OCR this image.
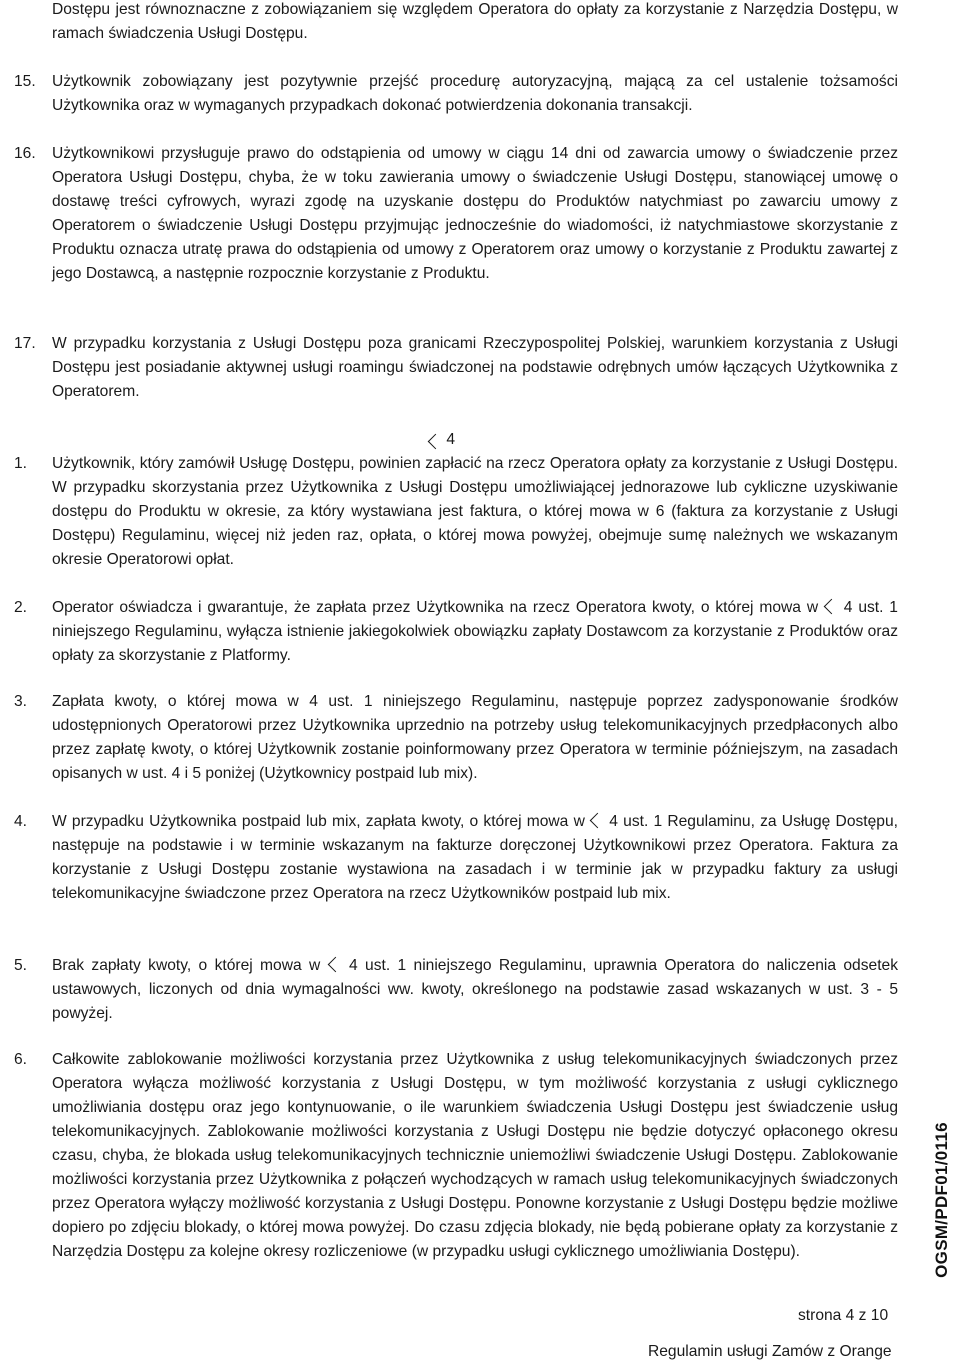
Dostępu jest równoznaczne z zobowiązaniem się względem Operatora do opłaty za korzystanie z Narzędzia Dostępu, w ramach świadczenia Usługi Dostępu.
15.	Użytkownik zobowiązany jest pozytywnie przejść procedurę autoryzacyjną, mającą za cel ustalenie tożsamości Użytkownika oraz w wymaganych przypadkach dokonać potwierdzenia dokonania transakcji.
16.	Użytkownikowi przysługuje prawo do odstąpienia od umowy w ciągu 14 dni od zawarcia umowy o świadczenie przez Operatora Usługi Dostępu, chyba, że w toku zawierania umowy o świadczenie Usługi Dostępu, stanowiącej umowę o dostawę treści cyfrowych, wyrazi zgodę na uzyskanie dostępu do Produktów natychmiast po zawarciu umowy z Operatorem o świadczenie Usługi Dostępu przyjmując jednocześnie do wiadomości, iż natychmiastowe skorzystanie z Produktu oznacza utratę prawa do odstąpienia od umowy z Operatorem oraz umowy o korzystanie z Produktu zawartej z jego Dostawcą, a następnie rozpocznie korzystanie z Produktu.
17.	W przypadku korzystania z Usługi Dostępu poza granicami Rzeczypospolitej Polskiej, warunkiem korzystania z Usługi Dostępu jest posiadanie aktywnej usługi roamingu świadczonej na podstawie odrębnych umów łączących Użytkownika z Operatorem.
4
1.	Użytkownik, który zamówił Usługę Dostępu, powinien zapłacić na rzecz Operatora opłaty za korzystanie z Usługi Dostępu. W przypadku skorzystania przez Użytkownika z Usługi Dostępu umożliwiającej jednorazowe lub cykliczne uzyskiwanie dostępu do Produktu w okresie, za który wystawiana jest faktura, o której mowa w 6 (faktura za korzystanie z Usługi Dostępu) Regulaminu, więcej niż jeden raz, opłata, o której mowa powyżej, obejmuje sumę należnych we wskazanym okresie Operatorowi opłat.
2.	Operator oświadcza i gwarantuje, że zapłata przez Użytkownika na rzecz Operatora kwoty, o której mowa w 4 ust. 1 niniejszego Regulaminu, wyłącza istnienie jakiegokolwiek obowiązku zapłaty Dostawcom za korzystanie z Produktów oraz opłaty za skorzystanie z Platformy.
3.	Zapłata kwoty, o której mowa w 4 ust. 1 niniejszego Regulaminu, następuje poprzez zadysponowanie środków udostępnionych Operatorowi przez Użytkownika uprzednio na potrzeby usług telekomunikacyjnych przedpłaconych albo przez zapłatę kwoty, o której Użytkownik zostanie poinformowany przez Operatora w terminie późniejszym, na zasadach opisanych w ust. 4 i 5 poniżej (Użytkownicy postpaid lub mix).
4.	W przypadku Użytkownika postpaid lub mix, zapłata kwoty, o której mowa w 4 ust. 1 Regulaminu, za Usługę Dostępu, następuje na podstawie i w terminie wskazanym na fakturze doręczonej Użytkownikowi przez Operatora. Faktura za korzystanie z Usługi Dostępu zostanie wystawiona na zasadach i w terminie jak w przypadku faktury za usługi telekomunikacyjne świadczone przez Operatora na rzecz Użytkowników postpaid lub mix.
5.	Brak zapłaty kwoty, o której mowa w 4 ust. 1 niniejszego Regulaminu, uprawnia Operatora do naliczenia odsetek ustawowych, liczonych od dnia wymagalności ww. kwoty, określonego na podstawie zasad wskazanych w ust. 3 - 5 powyżej.
6.	Całkowite zablokowanie możliwości korzystania przez Użytkownika z usług telekomunikacyjnych świadczonych przez Operatora wyłącza możliwość korzystania z Usługi Dostępu, w tym możliwość korzystania z usługi cyklicznego umożliwiania dostępu oraz jego kontynuowanie, o ile warunkiem świadczenia Usługi Dostępu jest świadczenie usług telekomunikacyjnych. Zablokowanie możliwości korzystania z Usługi Dostępu nie będzie dotyczyć opłaconego okresu czasu, chyba, że blokada usług telekomunikacyjnych technicznie uniemożliwi świadczenie Usługi Dostępu. Zablokowanie możliwości korzystania przez Użytkownika z połączeń wychodzących w ramach usług telekomunikacyjnych świadczonych przez Operatora wyłączy możliwość korzystania z Usługi Dostępu. Ponowne korzystanie z Usługi Dostępu będzie możliwe dopiero po zdjęciu blokady, o której mowa powyżej. Do czasu zdjęcia blokady, nie będą pobierane opłaty za korzystanie z Narzędzia Dostępu za kolejne okresy rozliczeniowe (w przypadku usługi cyklicznego umożliwiania Dostępu).	OGSM/PDF01/0116
strona 4 z 10
Regulamin usługi Zamów z Orange
